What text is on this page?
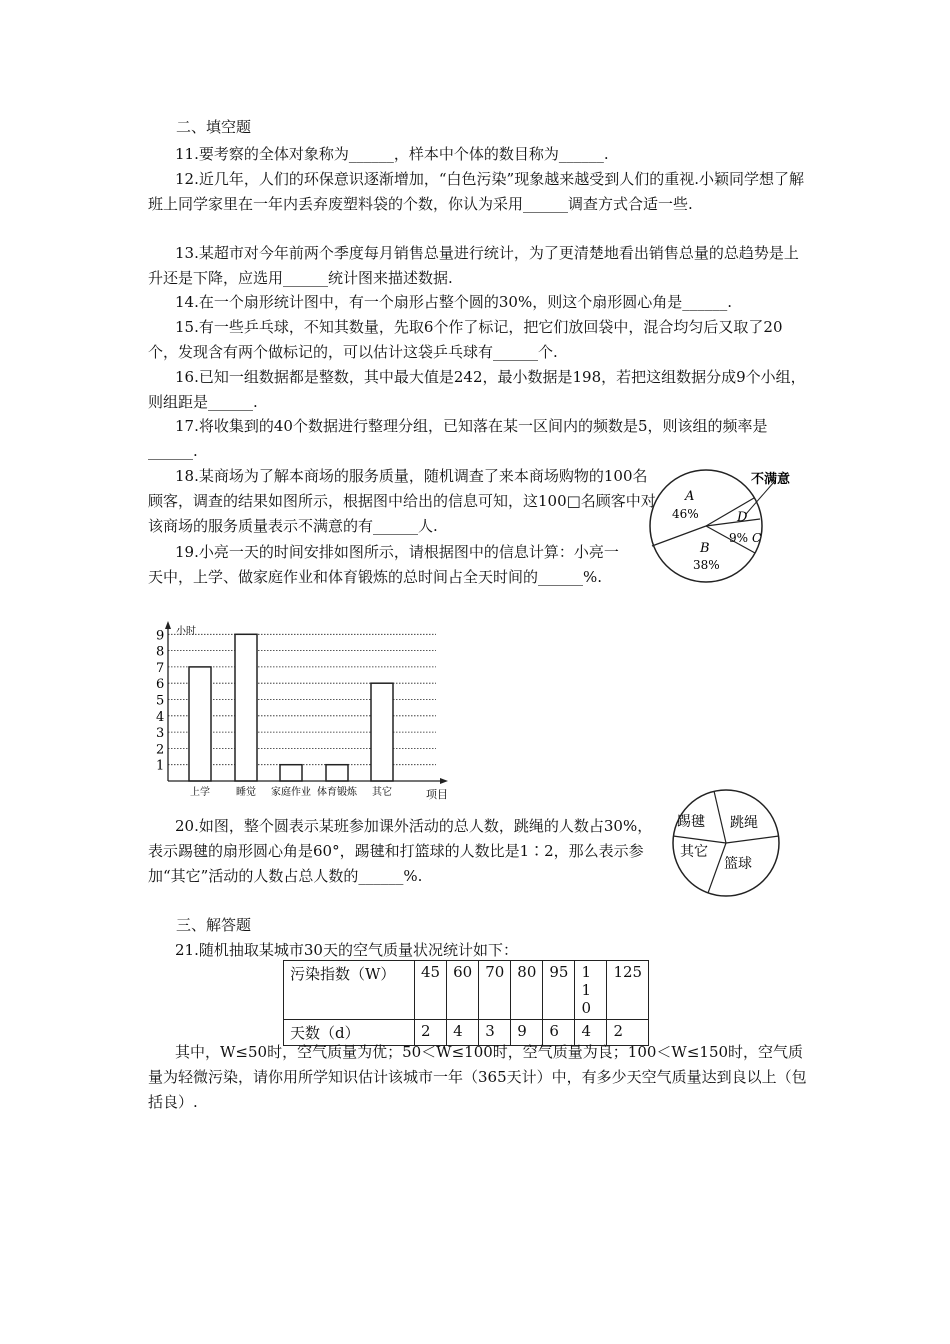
二、填空题
11.要考察的全体对象称为______，样本中个体的数目称为______.
12.近几年，人们的环保意识逐渐增加，“白色污染”现象越来越受到人们的重视.小颖同学想了解班上同学家里在一年内丢弃废塑料袋的个数，你认为采用______调查方式合适一些.
13.某超市对今年前两个季度每月销售总量进行统计，为了更清楚地看出销售总量的总趋势是上升还是下降，应选用______统计图来描述数据.
14.在一个扇形统计图中，有一个扇形占整个圆的30%，则这个扇形圆心角是______.
15.有一些乒乓球，不知其数量，先取6个作了标记，把它们放回袋中，混合均匀后又取了20个，发现含有两个做标记的，可以估计这袋乒乓球有______个.
16.已知一组数据都是整数，其中最大值是242，最小数据是198，若把这组数据分成9个小组，则组距是______.
17.将收集到的40个数据进行整理分组，已知落在某一区间内的频数是5，则该组的频率是______.
18.某商场为了解本商场的服务质量，随机调查了来本商场购物的100名顾客，调查的结果如图所示，根据图中给出的信息可知，这100□名顾客中对该商场的服务质量表示不满意的有______人.
19.小亮一天的时间安排如图所示，请根据图中的信息计算：小亮一天中，上学、做家庭作业和体育锻炼的总时间占全天时间的______%.
不满意
A
46%	D
9% C
B
38%
1
2
3
4
5
6
7
8
9
上学	睡觉 家庭作业 体育锻炼 其它
小时
项目
20.如图，整个圆表示某班参加课外活动的总人数，跳绳的人数占30%，表示踢毽的扇形圆心角是60°，踢毽和打篮球的人数比是1∶2，那么表示参加“其它”活动的人数占总人数的______%.
踢毽 跳绳
其它
篮球
三、解答题
21.随机抽取某城市30天的空气质量状况统计如下：
污染指数（W）	45	60	70	80	95	110	125
天数（d）	2	4	3	9	6	4	2
其中，W≤50时，空气质量为优；50＜W≤100时，空气质量为良；100＜W≤150时，空气质量为轻微污染，请你用所学知识估计该城市一年（365天计）中，有多少天空气质量达到良以上（包括良）.
